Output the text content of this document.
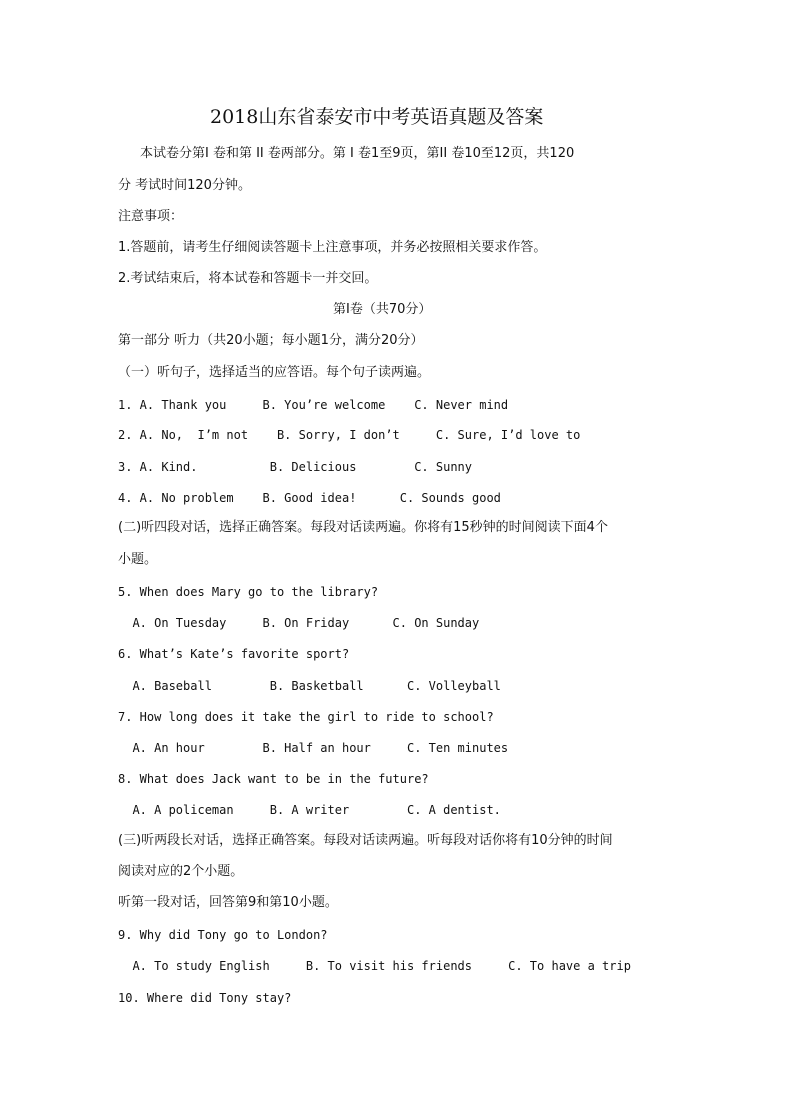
2018山东省泰安市中考英语真题及答案
本试卷分第I 卷和第 II 卷两部分。第 I 卷1至9页，第II 卷10至12页，共120
分 考试时间120分钟。
注意事项：
1.答题前，请考生仔细阅读答题卡上注意事项，并务必按照相关要求作答。
2.考试结束后，将本试卷和答题卡一并交回。
第I卷（共70分）
第一部分 听力（共20小题；每小题1分，满分20分）
（一）听句子，选择适当的应答语。每个句子读两遍。
1. A. Thank you     B. You’re welcome    C. Never mind
2. A. No,  I’m not    B. Sorry, I don’t     C. Sure, I’d love to
3. A. Kind.          B. Delicious        C. Sunny
4. A. No problem    B. Good idea!      C. Sounds good
(二)听四段对话，选择正确答案。每段对话读两遍。你将有15秒钟的时间阅读下面4个
小题。
5. When does Mary go to the library?
A. On Tuesday     B. On Friday      C. On Sunday
6. What’s Kate’s favorite sport?
A. Baseball        B. Basketball      C. Volleyball
7. How long does it take the girl to ride to school?
A. An hour        B. Half an hour     C. Ten minutes
8. What does Jack want to be in the future?
A. A policeman     B. A writer        C. A dentist.
(三)听两段长对话，选择正确答案。每段对话读两遍。听每段对话你将有10分钟的时间
阅读对应的2个小题。
听第一段对话，回答第9和第10小题。
9. Why did Tony go to London?
A. To study English     B. To visit his friends     C. To have a trip
10. Where did Tony stay?
